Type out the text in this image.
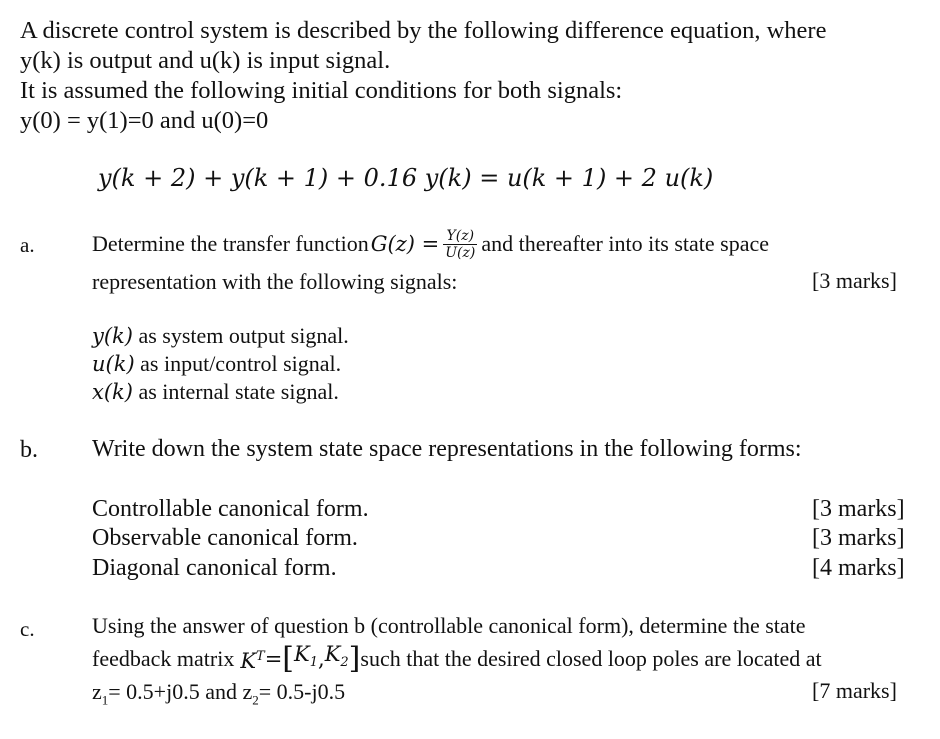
A discrete control system is described by the following difference equation, where
y(k) is output and u(k) is input signal.
It is assumed the following initial conditions for both signals:
y(0) = y(1)=0 and u(0)=0
y(k + 2) + y(k + 1) + 0.16 y(k) = u(k + 1) + 2 u(k)
a.	Determine the transfer function $G(z) = \frac{Y(z)}{U(z)}$ and thereafter into its state space
representation with the following signals:	[3 marks]
y(k) as system output signal.
u(k) as input/control signal.
x(k) as internal state signal.
b. Write down the system state space representations in the following forms:
Controllable canonical form.	[3 marks]
Observable canonical form.	[3 marks]
Diagonal canonical form.	[4 marks]
c.	Using the answer of question b (controllable canonical form), determine the state
feedback matrix $K^T$ = [ $K_1$ , $K_2$ ] such that the desired closed loop poles are located at
$z_1= 0.5+j0.5$ and $z_2= 0.5-j0.5$	[7 marks]
